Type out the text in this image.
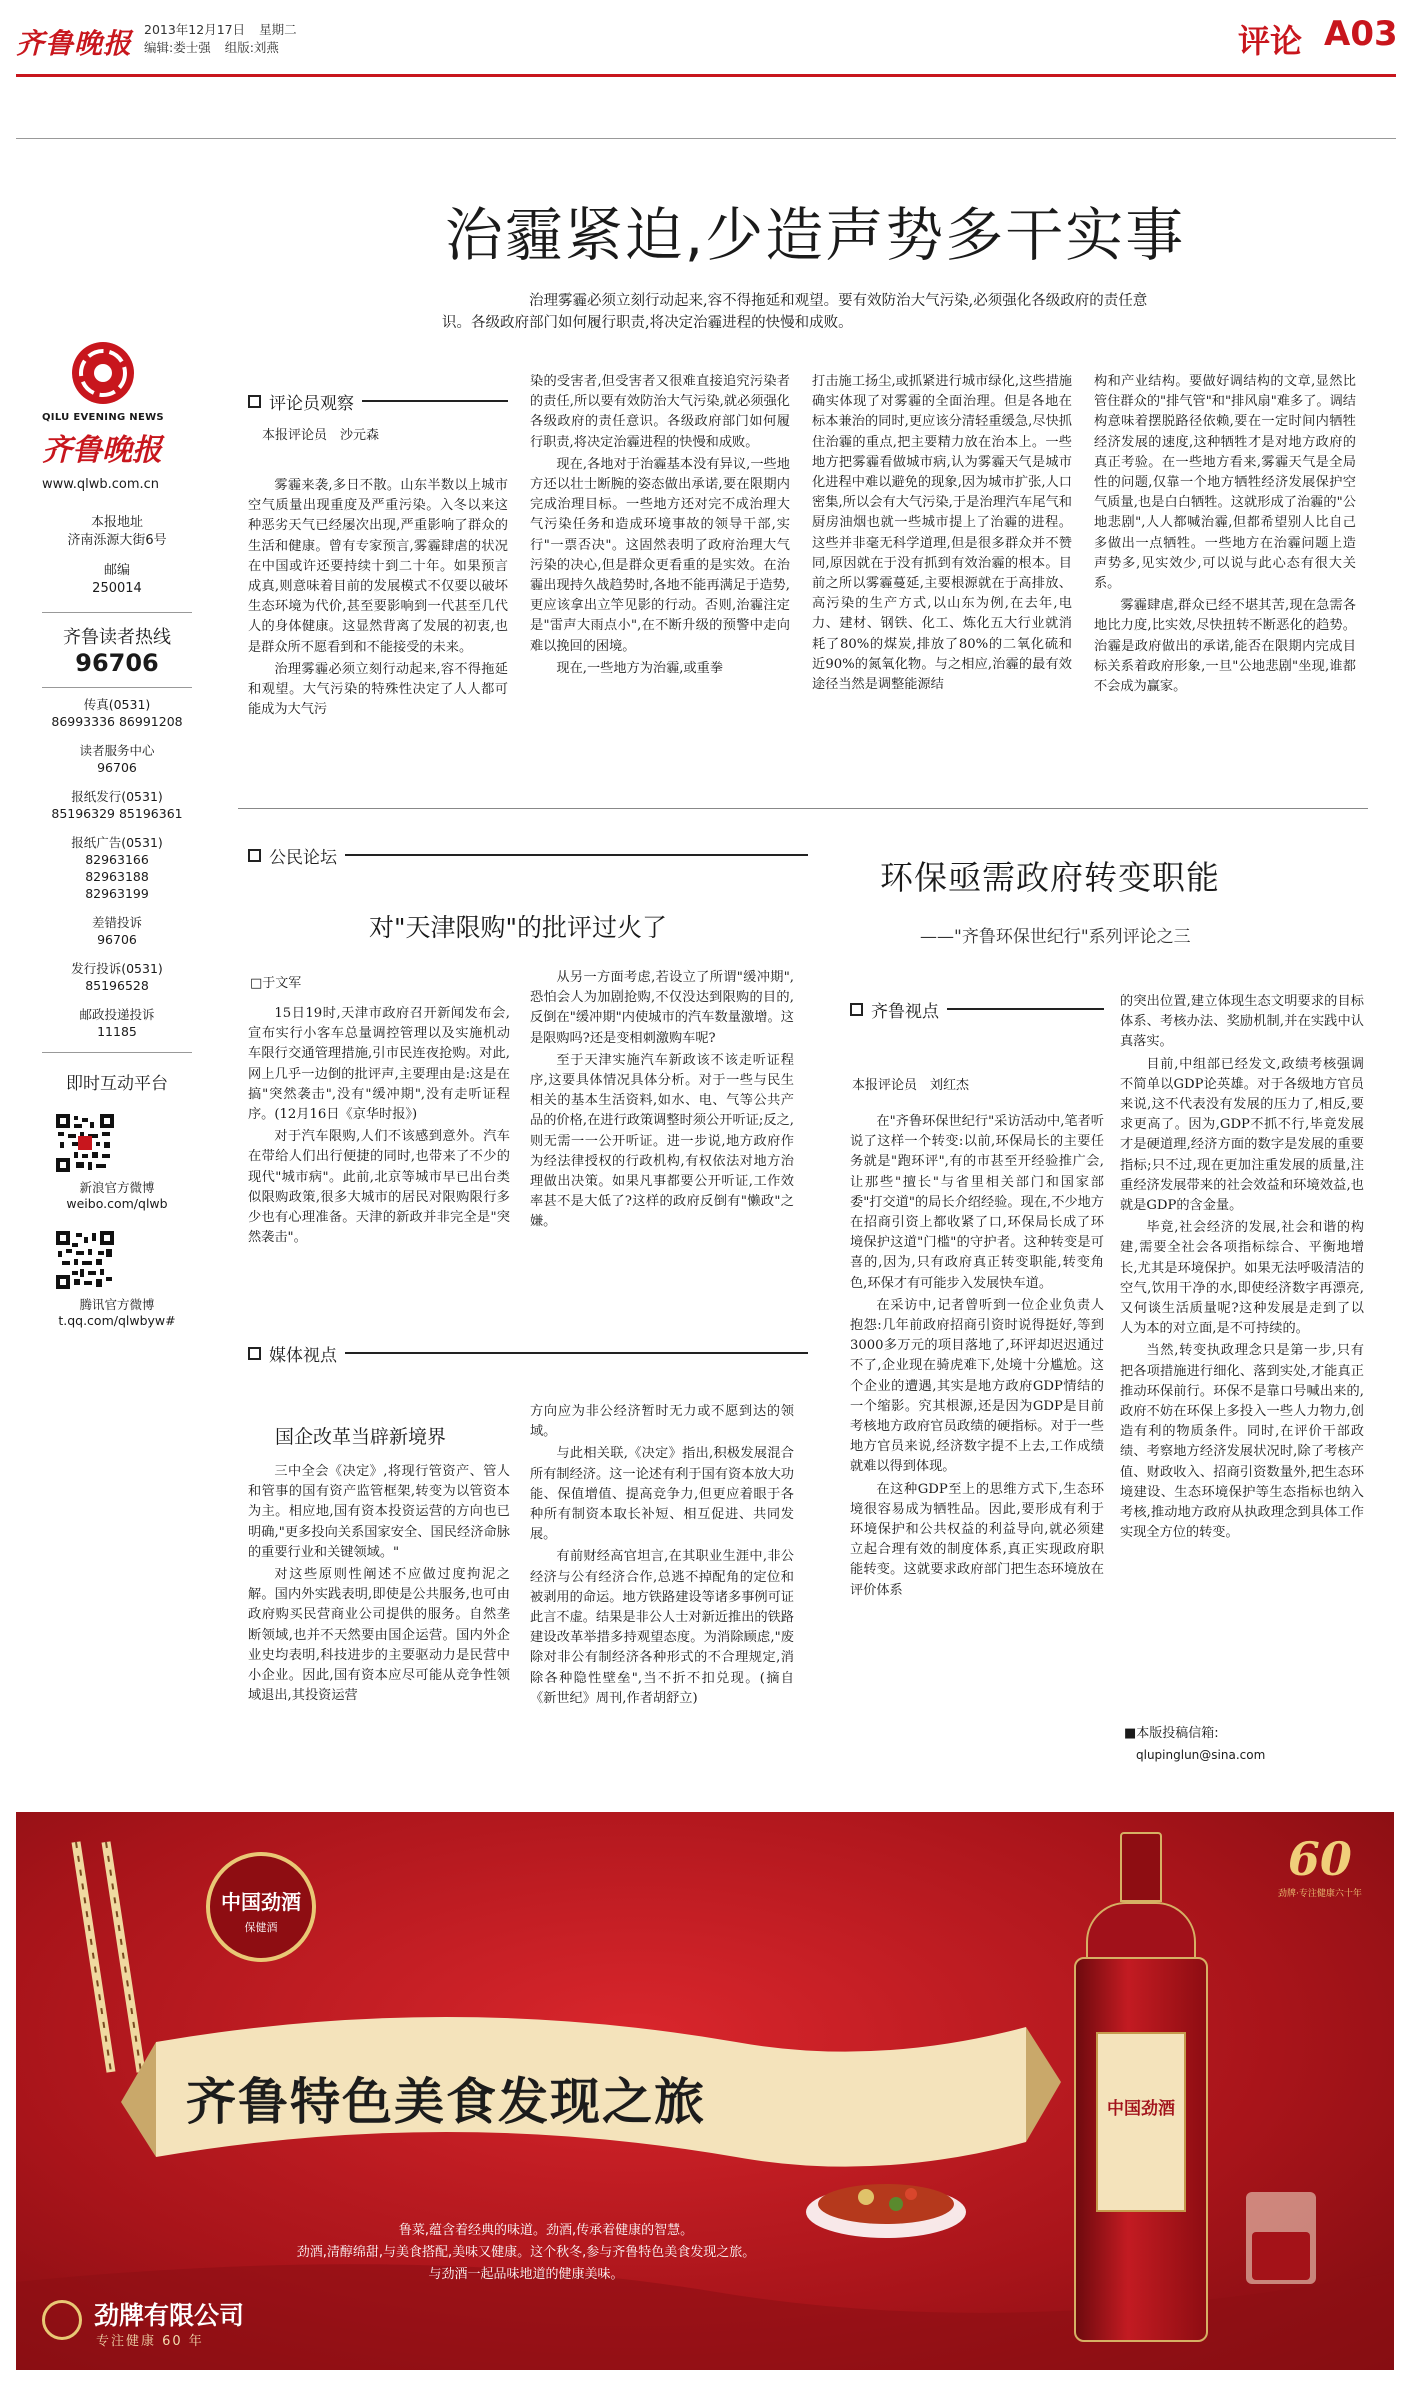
齐鲁晚报 2013年12月17日 星期二
编辑:娄士强 组版:刘燕	评论 A03

QILU EVENING NEWS

齐鲁晚报

www.qlwb.com.cn

本报地址

济南泺源大街6号

邮编

250014

齐鲁读者热线

96706

传真(0531)

86993336 86991208

读者服务中心

96706

报纸发行(0531)

85196329 85196361

报纸广告(0531)

82963166 82963188 82963199

差错投诉

96706

发行投诉(0531)

85196528

邮政投递投诉

11185

即时互动平台

新浪官方微博

weibo.com/qlwb

腾讯官方微博

t.qq.com/qlwbyw#

治霾紧迫,少造声势多干实事
治理雾霾必须立刻行动起来,容不得拖延和观望。要有效防治大气污染,必须强化各级政府的责任意识。各级政府部门如何履行职责,将决定治霾进程的快慢和成败。
评论员观察
本报评论员　沙元森

雾霾来袭,多日不散。山东半数以上城市空气质量出现重度及严重污染。入冬以来这种恶劣天气已经屡次出现,严重影响了群众的生活和健康。曾有专家预言,雾霾肆虐的状况在中国或许还要持续十到二十年。如果预言成真,则意味着目前的发展模式不仅要以破坏生态环境为代价,甚至要影响到一代甚至几代人的身体健康。这显然背离了发展的初衷,也是群众所不愿看到和不能接受的未来。

治理雾霾必须立刻行动起来,容不得拖延和观望。大气污染的特殊性决定了人人都可能成为大气污

染的受害者,但受害者又很难直接追究污染者的责任,所以要有效防治大气污染,就必须强化各级政府的责任意识。各级政府部门如何履行职责,将决定治霾进程的快慢和成败。

现在,各地对于治霾基本没有异议,一些地方还以壮士断腕的姿态做出承诺,要在限期内完成治理目标。一些地方还对完不成治理大气污染任务和造成环境事故的领导干部,实行"一票否决"。这固然表明了政府治理大气污染的决心,但是群众更看重的是实效。在治霾出现持久战趋势时,各地不能再满足于造势,更应该拿出立竿见影的行动。否则,治霾注定是"雷声大雨点小",在不断升级的预警中走向难以挽回的困境。

现在,一些地方为治霾,或重拳

打击施工扬尘,或抓紧进行城市绿化,这些措施确实体现了对雾霾的全面治理。但是各地在标本兼治的同时,更应该分清轻重缓急,尽快抓住治霾的重点,把主要精力放在治本上。一些地方把雾霾看做城市病,认为雾霾天气是城市化进程中难以避免的现象,因为城市扩张,人口密集,所以会有大气污染,于是治理汽车尾气和厨房油烟也就一些城市提上了治霾的进程。这些并非毫无科学道理,但是很多群众并不赞同,原因就在于没有抓到有效治霾的根本。目前之所以雾霾蔓延,主要根源就在于高排放、高污染的生产方式,以山东为例,在去年,电力、建材、钢铁、化工、炼化五大行业就消耗了80%的煤炭,排放了80%的二氧化硫和近90%的氮氧化物。与之相应,治霾的最有效途径当然是调整能源结

构和产业结构。要做好调结构的文章,显然比管住群众的"排气管"和"排风扇"难多了。调结构意味着摆脱路径依赖,要在一定时间内牺牲经济发展的速度,这种牺牲才是对地方政府的真正考验。在一些地方看来,雾霾天气是全局性的问题,仅靠一个地方牺牲经济发展保护空气质量,也是白白牺牲。这就形成了治霾的"公地悲剧",人人都喊治霾,但都希望别人比自己多做出一点牺牲。一些地方在治霾问题上造声势多,见实效少,可以说与此心态有很大关系。

雾霾肆虐,群众已经不堪其苦,现在急需各地比力度,比实效,尽快扭转不断恶化的趋势。治霾是政府做出的承诺,能否在限期内完成目标关系着政府形象,一旦"公地悲剧"坐现,谁都不会成为赢家。

公民论坛
对"天津限购"的批评过火了
□于文军

15日19时,天津市政府召开新闻发布会,宣布实行小客车总量调控管理以及实施机动车限行交通管理措施,引市民连夜抢购。对此,网上几乎一边倒的批评声,主要理由是:这是在搞"突然袭击",没有"缓冲期",没有走听证程序。(12月16日《京华时报》)

对于汽车限购,人们不该感到意外。汽车在带给人们出行便捷的同时,也带来了不少的现代"城市病"。此前,北京等城市早已出台类似限购政策,很多大城市的居民对限购限行多少也有心理准备。天津的新政并非完全是"突然袭击"。

从另一方面考虑,若设立了所谓"缓冲期",恐怕会人为加剧抢购,不仅没达到限购的目的,反倒在"缓冲期"内使城市的汽车数量激增。这是限购吗?还是变相刺激购车呢?

至于天津实施汽车新政该不该走听证程序,这要具体情况具体分析。对于一些与民生相关的基本生活资料,如水、电、气等公共产品的价格,在进行政策调整时须公开听证;反之,则无需一一公开听证。进一步说,地方政府作为经法律授权的行政机构,有权依法对地方治理做出决策。如果凡事都要公开听证,工作效率甚不是大低了?这样的政府反倒有"懒政"之嫌。

媒体视点
国企改革当辟新境界

三中全会《决定》,将现行管资产、管人和管事的国有资产监管框架,转变为以管资本为主。相应地,国有资本投资运营的方向也已明确,"更多投向关系国家安全、国民经济命脉的重要行业和关键领域。"

对这些原则性阐述不应做过度拘泥之解。国内外实践表明,即使是公共服务,也可由政府购买民营商业公司提供的服务。自然垄断领域,也并不天然要由国企运营。国内外企业史均表明,科技进步的主要驱动力是民营中小企业。因此,国有资本应尽可能从竞争性领域退出,其投资运营

方向应为非公经济暂时无力或不愿到达的领域。

与此相关联,《决定》指出,积极发展混合所有制经济。这一论述有利于国有资本放大功能、保值增值、提高竞争力,但更应着眼于各种所有制资本取长补短、相互促进、共同发展。

有前财经高官坦言,在其职业生涯中,非公经济与公有经济合作,总逃不掉配角的定位和被剥用的命运。地方铁路建设等诸多事例可证此言不虚。结果是非公人士对新近推出的铁路建设改革举措多持观望态度。为消除顾虑,"废除对非公有制经济各种形式的不合理规定,消除各种隐性壁垒",当不折不扣兑现。(摘自《新世纪》周刊,作者胡舒立)

环保亟需政府转变职能
——"齐鲁环保世纪行"系列评论之三
齐鲁视点
本报评论员　刘红杰

在"齐鲁环保世纪行"采访活动中,笔者听说了这样一个转变:以前,环保局长的主要任务就是"跑环评",有的市甚至开经验推广会,让那些"擅长"与省里相关部门和国家部委"打交道"的局长介绍经验。现在,不少地方在招商引资上都收紧了口,环保局长成了环境保护这道"门槛"的守护者。这种转变是可喜的,因为,只有政府真正转变职能,转变角色,环保才有可能步入发展快车道。

在采访中,记者曾听到一位企业负责人抱怨:几年前政府招商引资时说得挺好,等到3000多万元的项目落地了,环评却迟迟通过不了,企业现在骑虎难下,处境十分尴尬。这个企业的遭遇,其实是地方政府GDP情结的一个缩影。究其根源,还是因为GDP是目前考核地方政府官员政绩的硬指标。对于一些地方官员来说,经济数字提不上去,工作成绩就难以得到体现。

在这种GDP至上的思维方式下,生态环境很容易成为牺牲品。因此,要形成有利于环境保护和公共权益的利益导向,就必须建立起合理有效的制度体系,真正实现政府职能转变。这就要求政府部门把生态环境放在评价体系

的突出位置,建立体现生态文明要求的目标体系、考核办法、奖励机制,并在实践中认真落实。

目前,中组部已经发文,政绩考核强调不简单以GDP论英雄。对于各级地方官员来说,这不代表没有发展的压力了,相反,要求更高了。因为,GDP不抓不行,毕竟发展才是硬道理,经济方面的数字是发展的重要指标;只不过,现在更加注重发展的质量,注重经济发展带来的社会效益和环境效益,也就是GDP的含金量。

毕竟,社会经济的发展,社会和谐的构建,需要全社会各项指标综合、平衡地增长,尤其是环境保护。如果无法呼吸清洁的空气,饮用干净的水,即使经济数字再漂亮,又何谈生活质量呢?这种发展是走到了以人为本的对立面,是不可持续的。

当然,转变执政理念只是第一步,只有把各项措施进行细化、落到实处,才能真正推动环保前行。环保不是靠口号喊出来的,政府不妨在环保上多投入一些人力物力,创造有利的物质条件。同时,在评价干部政绩、考察地方经济发展状况时,除了考核产值、财政收入、招商引资数量外,把生态环境建设、生态环境保护等生态指标也纳入考核,推动地方政府从执政理念到具体工作实现全方位的转变。

■本版投稿信箱:
qlupinglun@sina.com
中国劲酒
保健酒
齐鲁特色美食发现之旅
鲁菜,蕴含着经典的味道。劲酒,传承着健康的智慧。
劲酒,清醇绵甜,与美食搭配,美味又健康。这个秋冬,参与齐鲁特色美食发现之旅。
与劲酒一起品味地道的健康美味。
劲牌有限公司
专注健康 60 年
60
劲牌·专注健康六十年
中国劲酒
